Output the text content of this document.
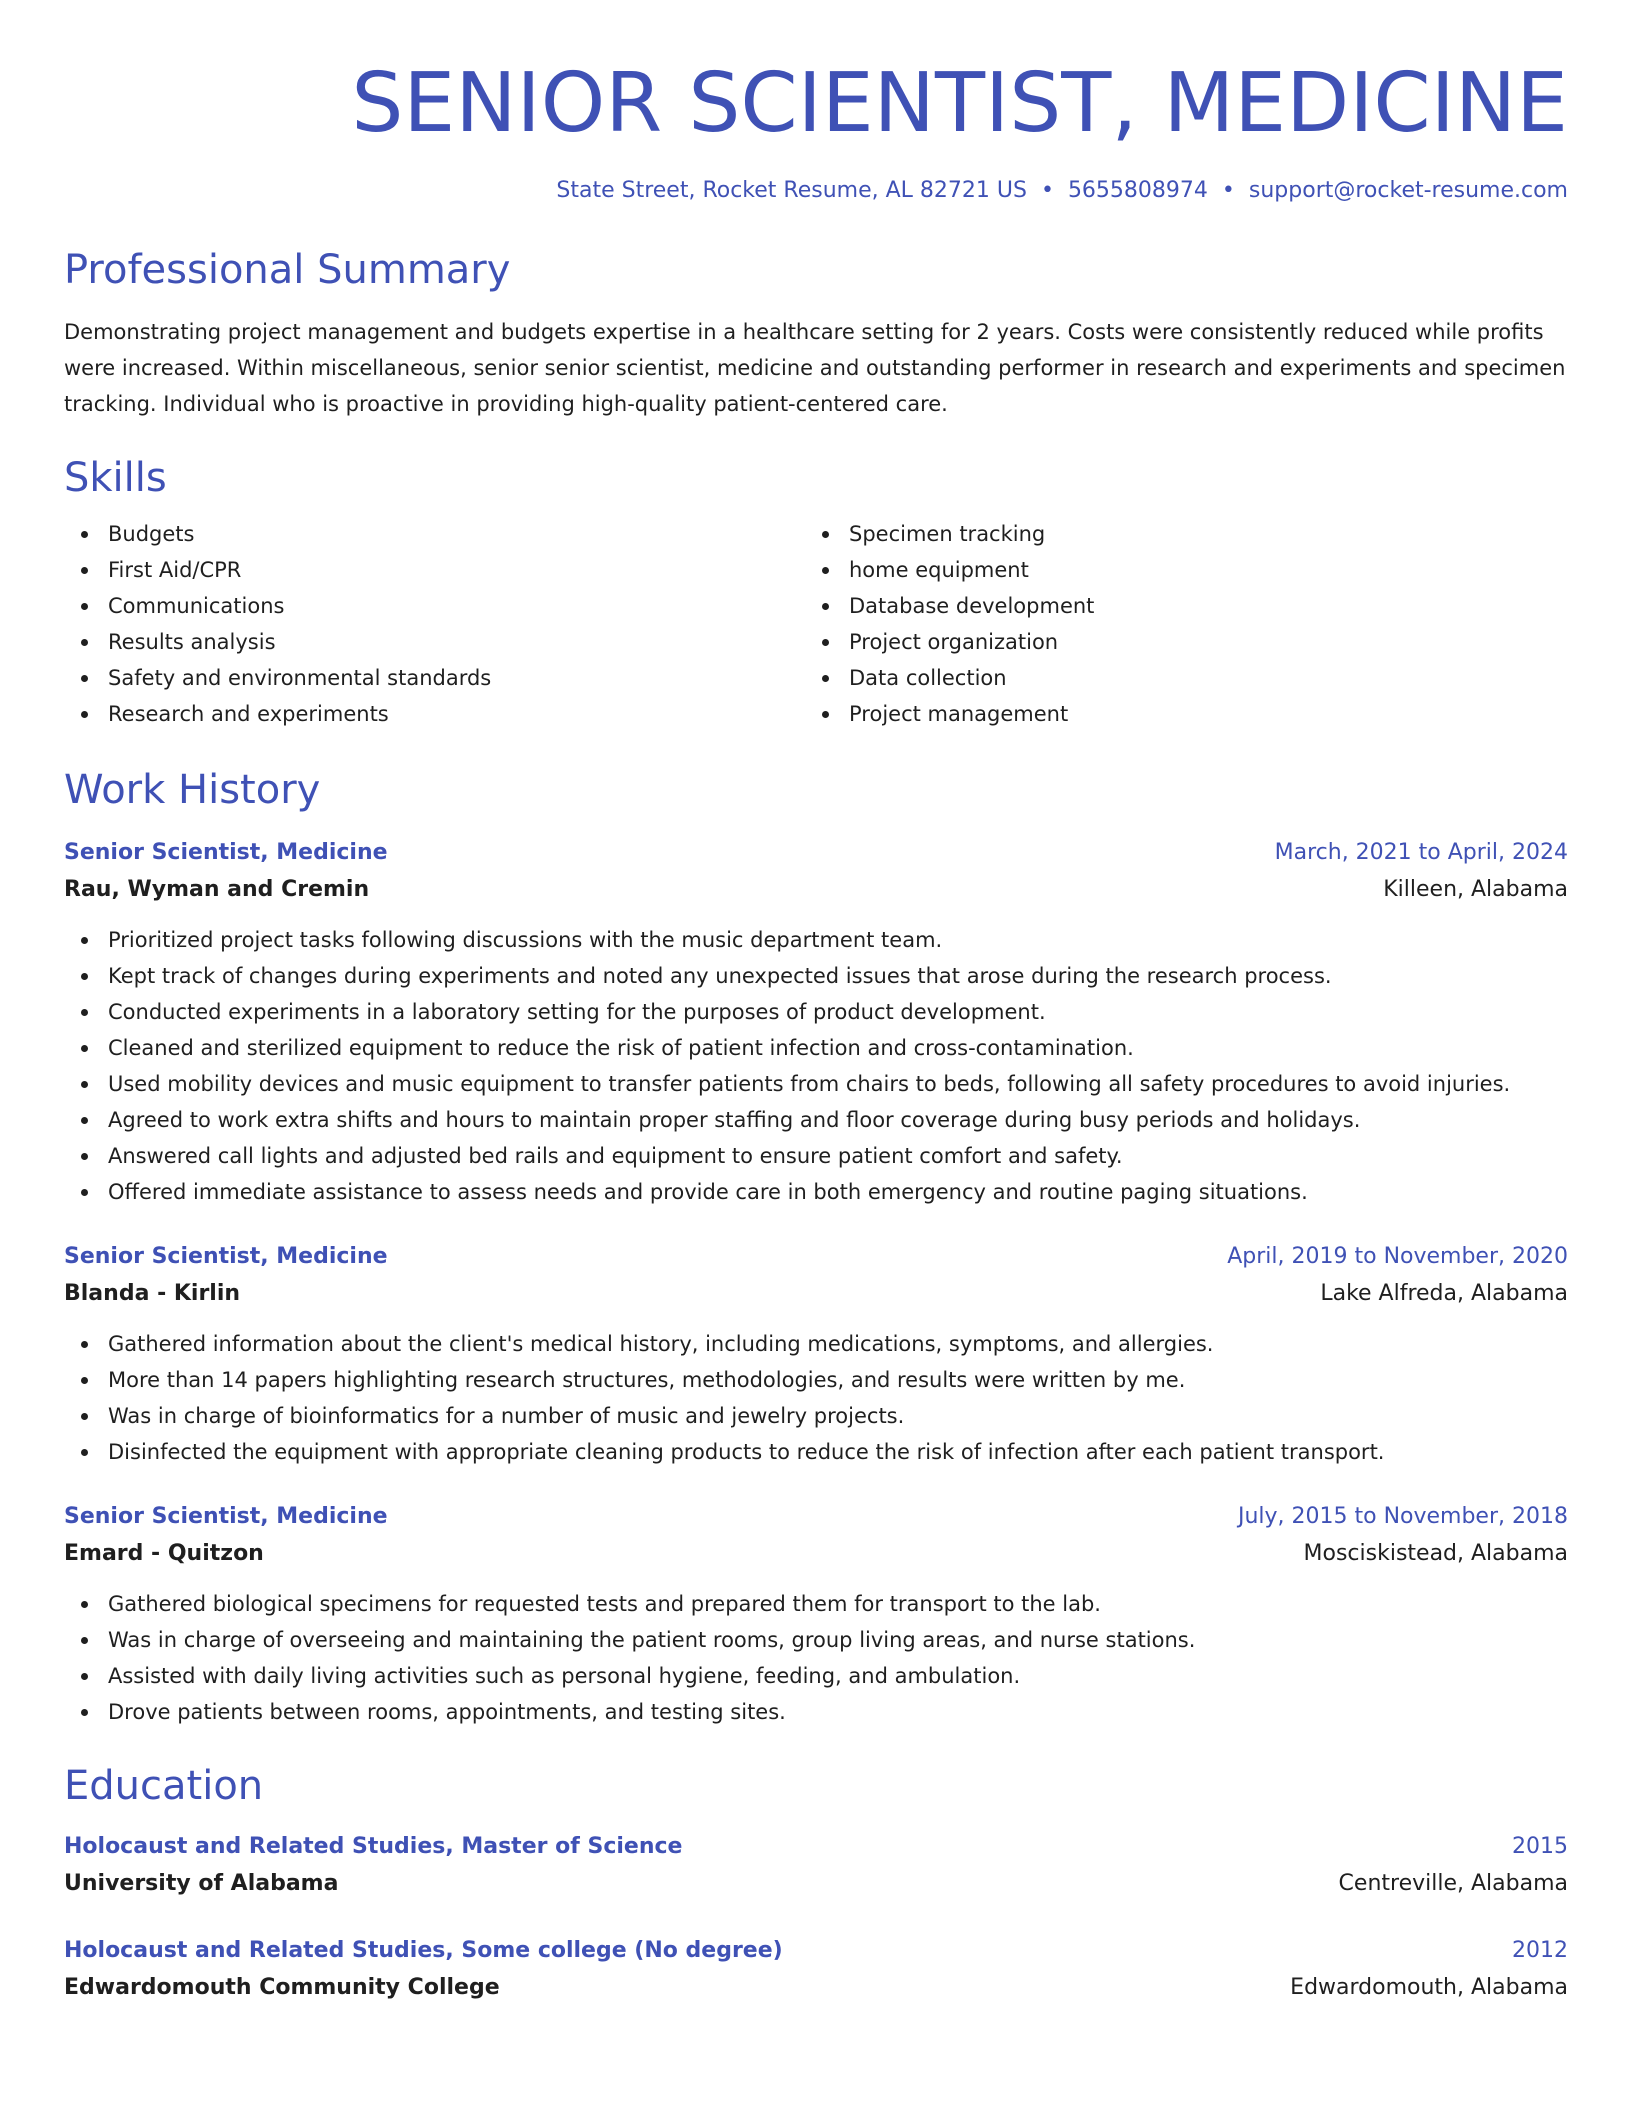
SENIOR SCIENTIST, MEDICINE
State Street, Rocket Resume, AL 82721 US • 5655808974 • support@rocket-resume.com
Professional Summary

Demonstrating project management and budgets expertise in a healthcare setting for 2 years. Costs were consistently reduced while profits were increased. Within miscellaneous, senior senior scientist, medicine and outstanding performer in research and experiments and specimen tracking. Individual who is proactive in providing high-quality patient-centered care.

Skills
Budgets
First Aid/CPR
Communications
Results analysis
Safety and environmental standards
Research and experiments
Specimen tracking
home equipment
Database development
Project organization
Data collection
Project management
Work History
Senior Scientist, Medicine	March, 2021 to April, 2024
Rau, Wyman and Cremin	Killeen, Alabama
Prioritized project tasks following discussions with the music department team.
Kept track of changes during experiments and noted any unexpected issues that arose during the research process.
Conducted experiments in a laboratory setting for the purposes of product development.
Cleaned and sterilized equipment to reduce the risk of patient infection and cross-contamination.
Used mobility devices and music equipment to transfer patients from chairs to beds, following all safety procedures to avoid injuries.
Agreed to work extra shifts and hours to maintain proper staffing and floor coverage during busy periods and holidays.
Answered call lights and adjusted bed rails and equipment to ensure patient comfort and safety.
Offered immediate assistance to assess needs and provide care in both emergency and routine paging situations.
Senior Scientist, Medicine	April, 2019 to November, 2020
Blanda - Kirlin	Lake Alfreda, Alabama
Gathered information about the client's medical history, including medications, symptoms, and allergies.
More than 14 papers highlighting research structures, methodologies, and results were written by me.
Was in charge of bioinformatics for a number of music and jewelry projects.
Disinfected the equipment with appropriate cleaning products to reduce the risk of infection after each patient transport.
Senior Scientist, Medicine	July, 2015 to November, 2018
Emard - Quitzon	Mosciskistead, Alabama
Gathered biological specimens for requested tests and prepared them for transport to the lab.
Was in charge of overseeing and maintaining the patient rooms, group living areas, and nurse stations.
Assisted with daily living activities such as personal hygiene, feeding, and ambulation.
Drove patients between rooms, appointments, and testing sites.
Education
Holocaust and Related Studies, Master of Science	2015
University of Alabama	Centreville, Alabama
Holocaust and Related Studies, Some college (No degree)	2012
Edwardomouth Community College	Edwardomouth, Alabama
